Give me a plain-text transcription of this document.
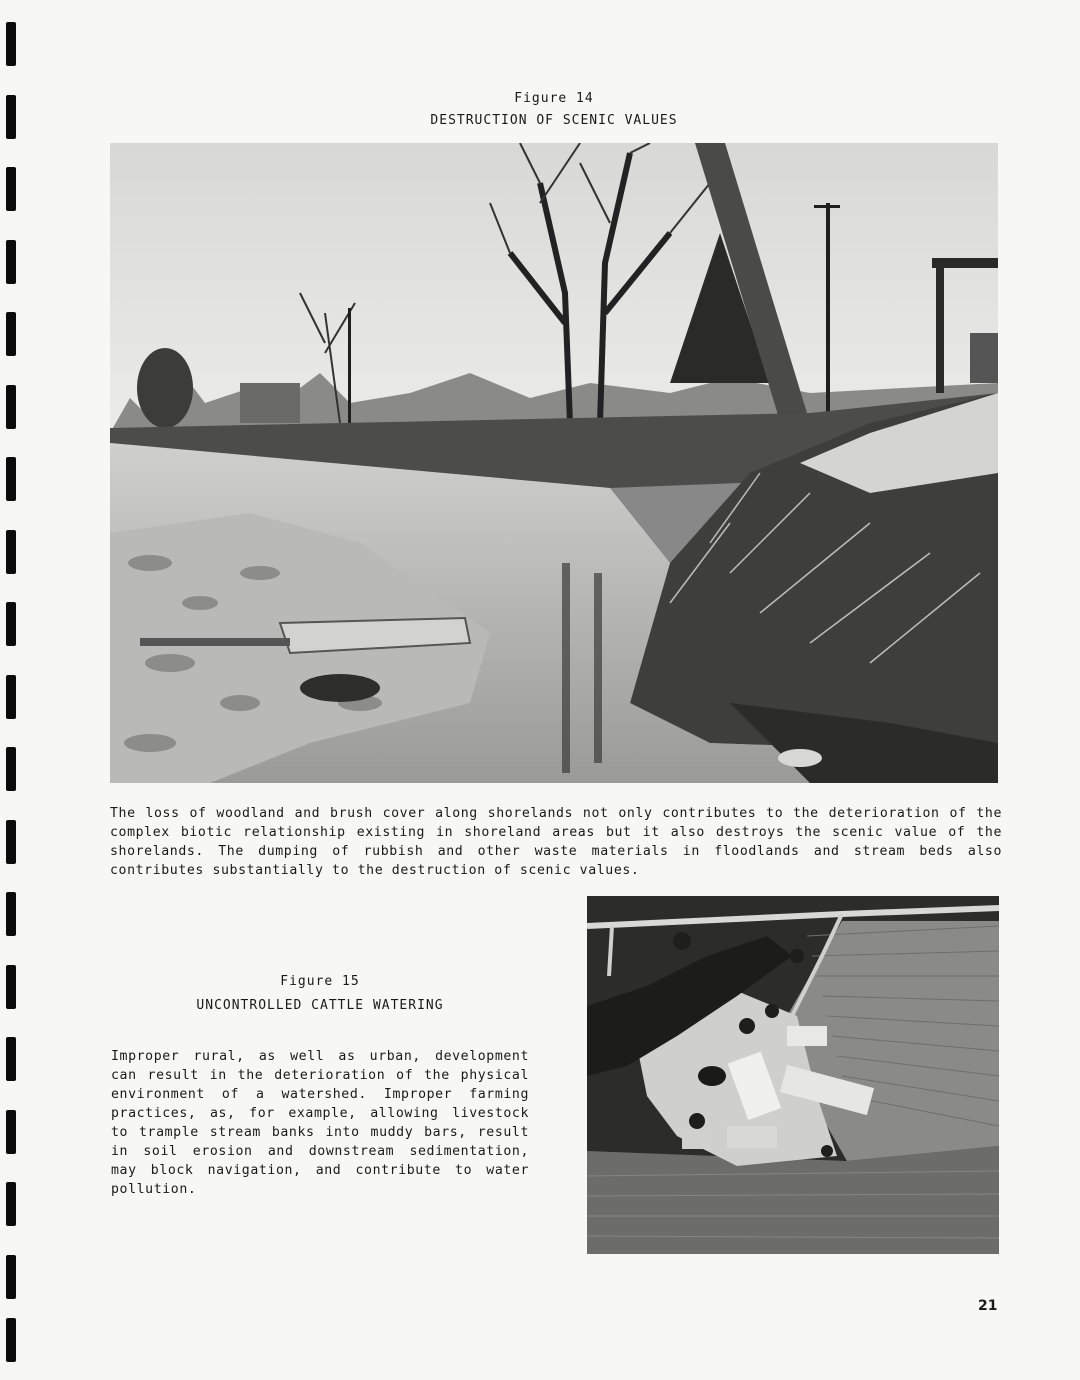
Figure 14
DESTRUCTION OF SCENIC VALUES

The loss of woodland and brush cover along shorelands not only contributes to the deterioration of the complex biotic relationship existing in shoreland areas but it also destroys the scenic value of the shorelands. The dumping of rubbish and other waste materials in floodlands and stream beds also contributes substantially to the destruction of scenic values.

Figure 15
UNCONTROLLED CATTLE WATERING

Improper rural, as well as urban, development can result in the deterioration of the physical environment of a watershed. Improper farming practices, as, for example, allowing livestock to trample stream banks into muddy bars, result in soil erosion and downstream sedimentation, may block navigation, and contribute to water pollution.

21
